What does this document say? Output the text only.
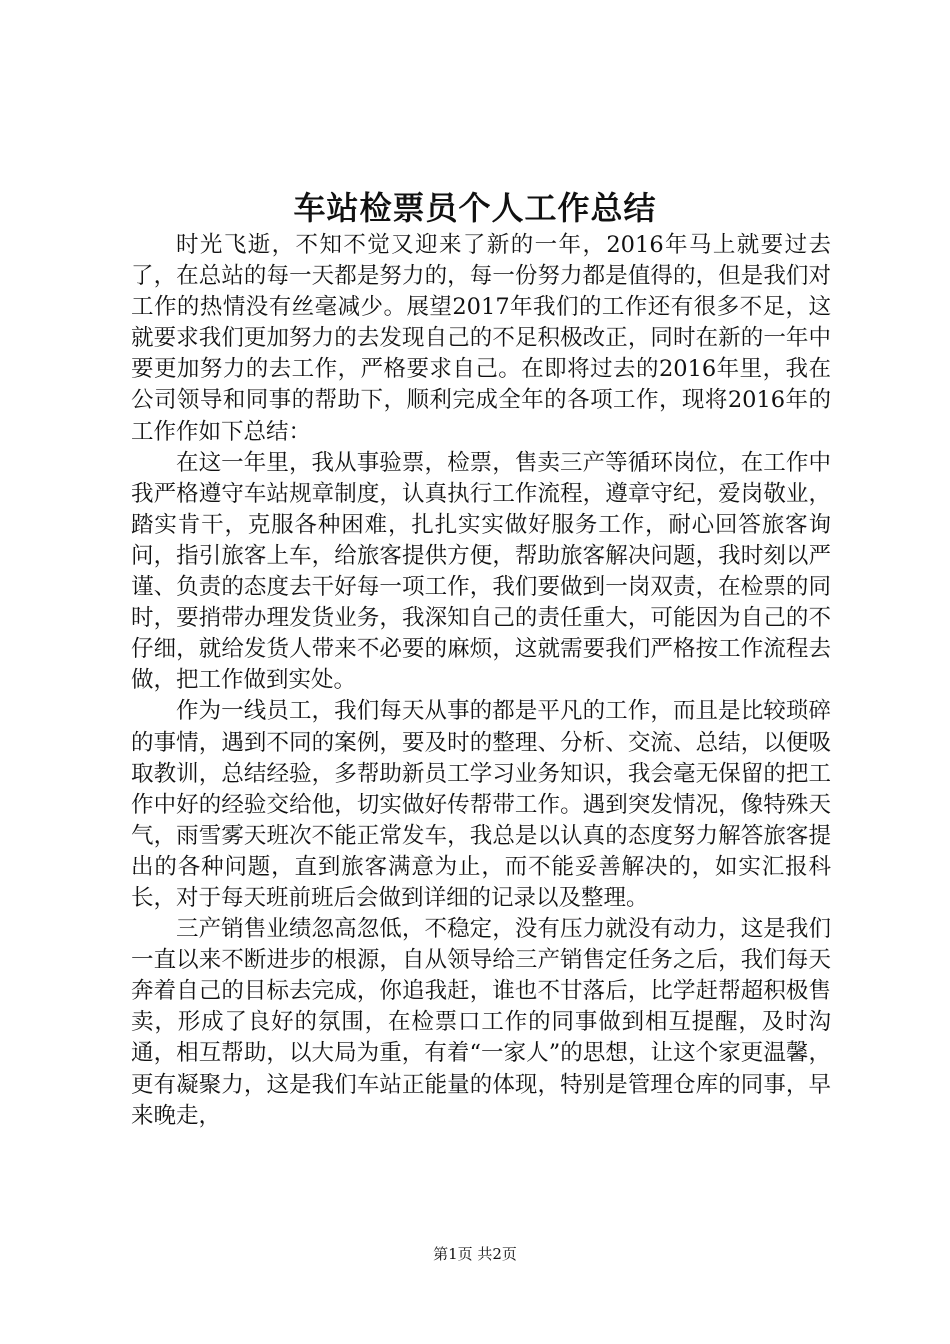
车站检票员个人工作总结

时光飞逝，不知不觉又迎来了新的一年，2016年马上就要过去了，在总站的每一天都是努力的，每一份努力都是值得的，但是我们对工作的热情没有丝毫减少。展望2017年我们的工作还有很多不足，这就要求我们更加努力的去发现自己的不足积极改正，同时在新的一年中要更加努力的去工作，严格要求自己。在即将过去的2016年里，我在公司领导和同事的帮助下，顺利完成全年的各项工作，现将2016年的工作作如下总结：

在这一年里，我从事验票，检票，售卖三产等循环岗位，在工作中我严格遵守车站规章制度，认真执行工作流程，遵章守纪，爱岗敬业，踏实肯干，克服各种困难，扎扎实实做好服务工作，耐心回答旅客询问，指引旅客上车，给旅客提供方便，帮助旅客解决问题，我时刻以严谨、负责的态度去干好每一项工作，我们要做到一岗双责，在检票的同时，要捎带办理发货业务，我深知自己的责任重大，可能因为自己的不仔细，就给发货人带来不必要的麻烦，这就需要我们严格按工作流程去做，把工作做到实处。

作为一线员工，我们每天从事的都是平凡的工作，而且是比较琐碎的事情，遇到不同的案例，要及时的整理、分析、交流、总结，以便吸取教训，总结经验，多帮助新员工学习业务知识，我会毫无保留的把工作中好的经验交给他，切实做好传帮带工作。遇到突发情况，像特殊天气，雨雪雾天班次不能正常发车，我总是以认真的态度努力解答旅客提出的各种问题，直到旅客满意为止，而不能妥善解决的，如实汇报科长，对于每天班前班后会做到详细的记录以及整理。

三产销售业绩忽高忽低，不稳定，没有压力就没有动力，这是我们一直以来不断进步的根源，自从领导给三产销售定任务之后，我们每天奔着自己的目标去完成，你追我赶，谁也不甘落后，比学赶帮超积极售卖，形成了良好的氛围，在检票口工作的同事做到相互提醒，及时沟通，相互帮助，以大局为重，有着“一家人”的思想，让这个家更温馨，更有凝聚力，这是我们车站正能量的体现，特别是管理仓库的同事，早来晚走，

第1页 共2页
